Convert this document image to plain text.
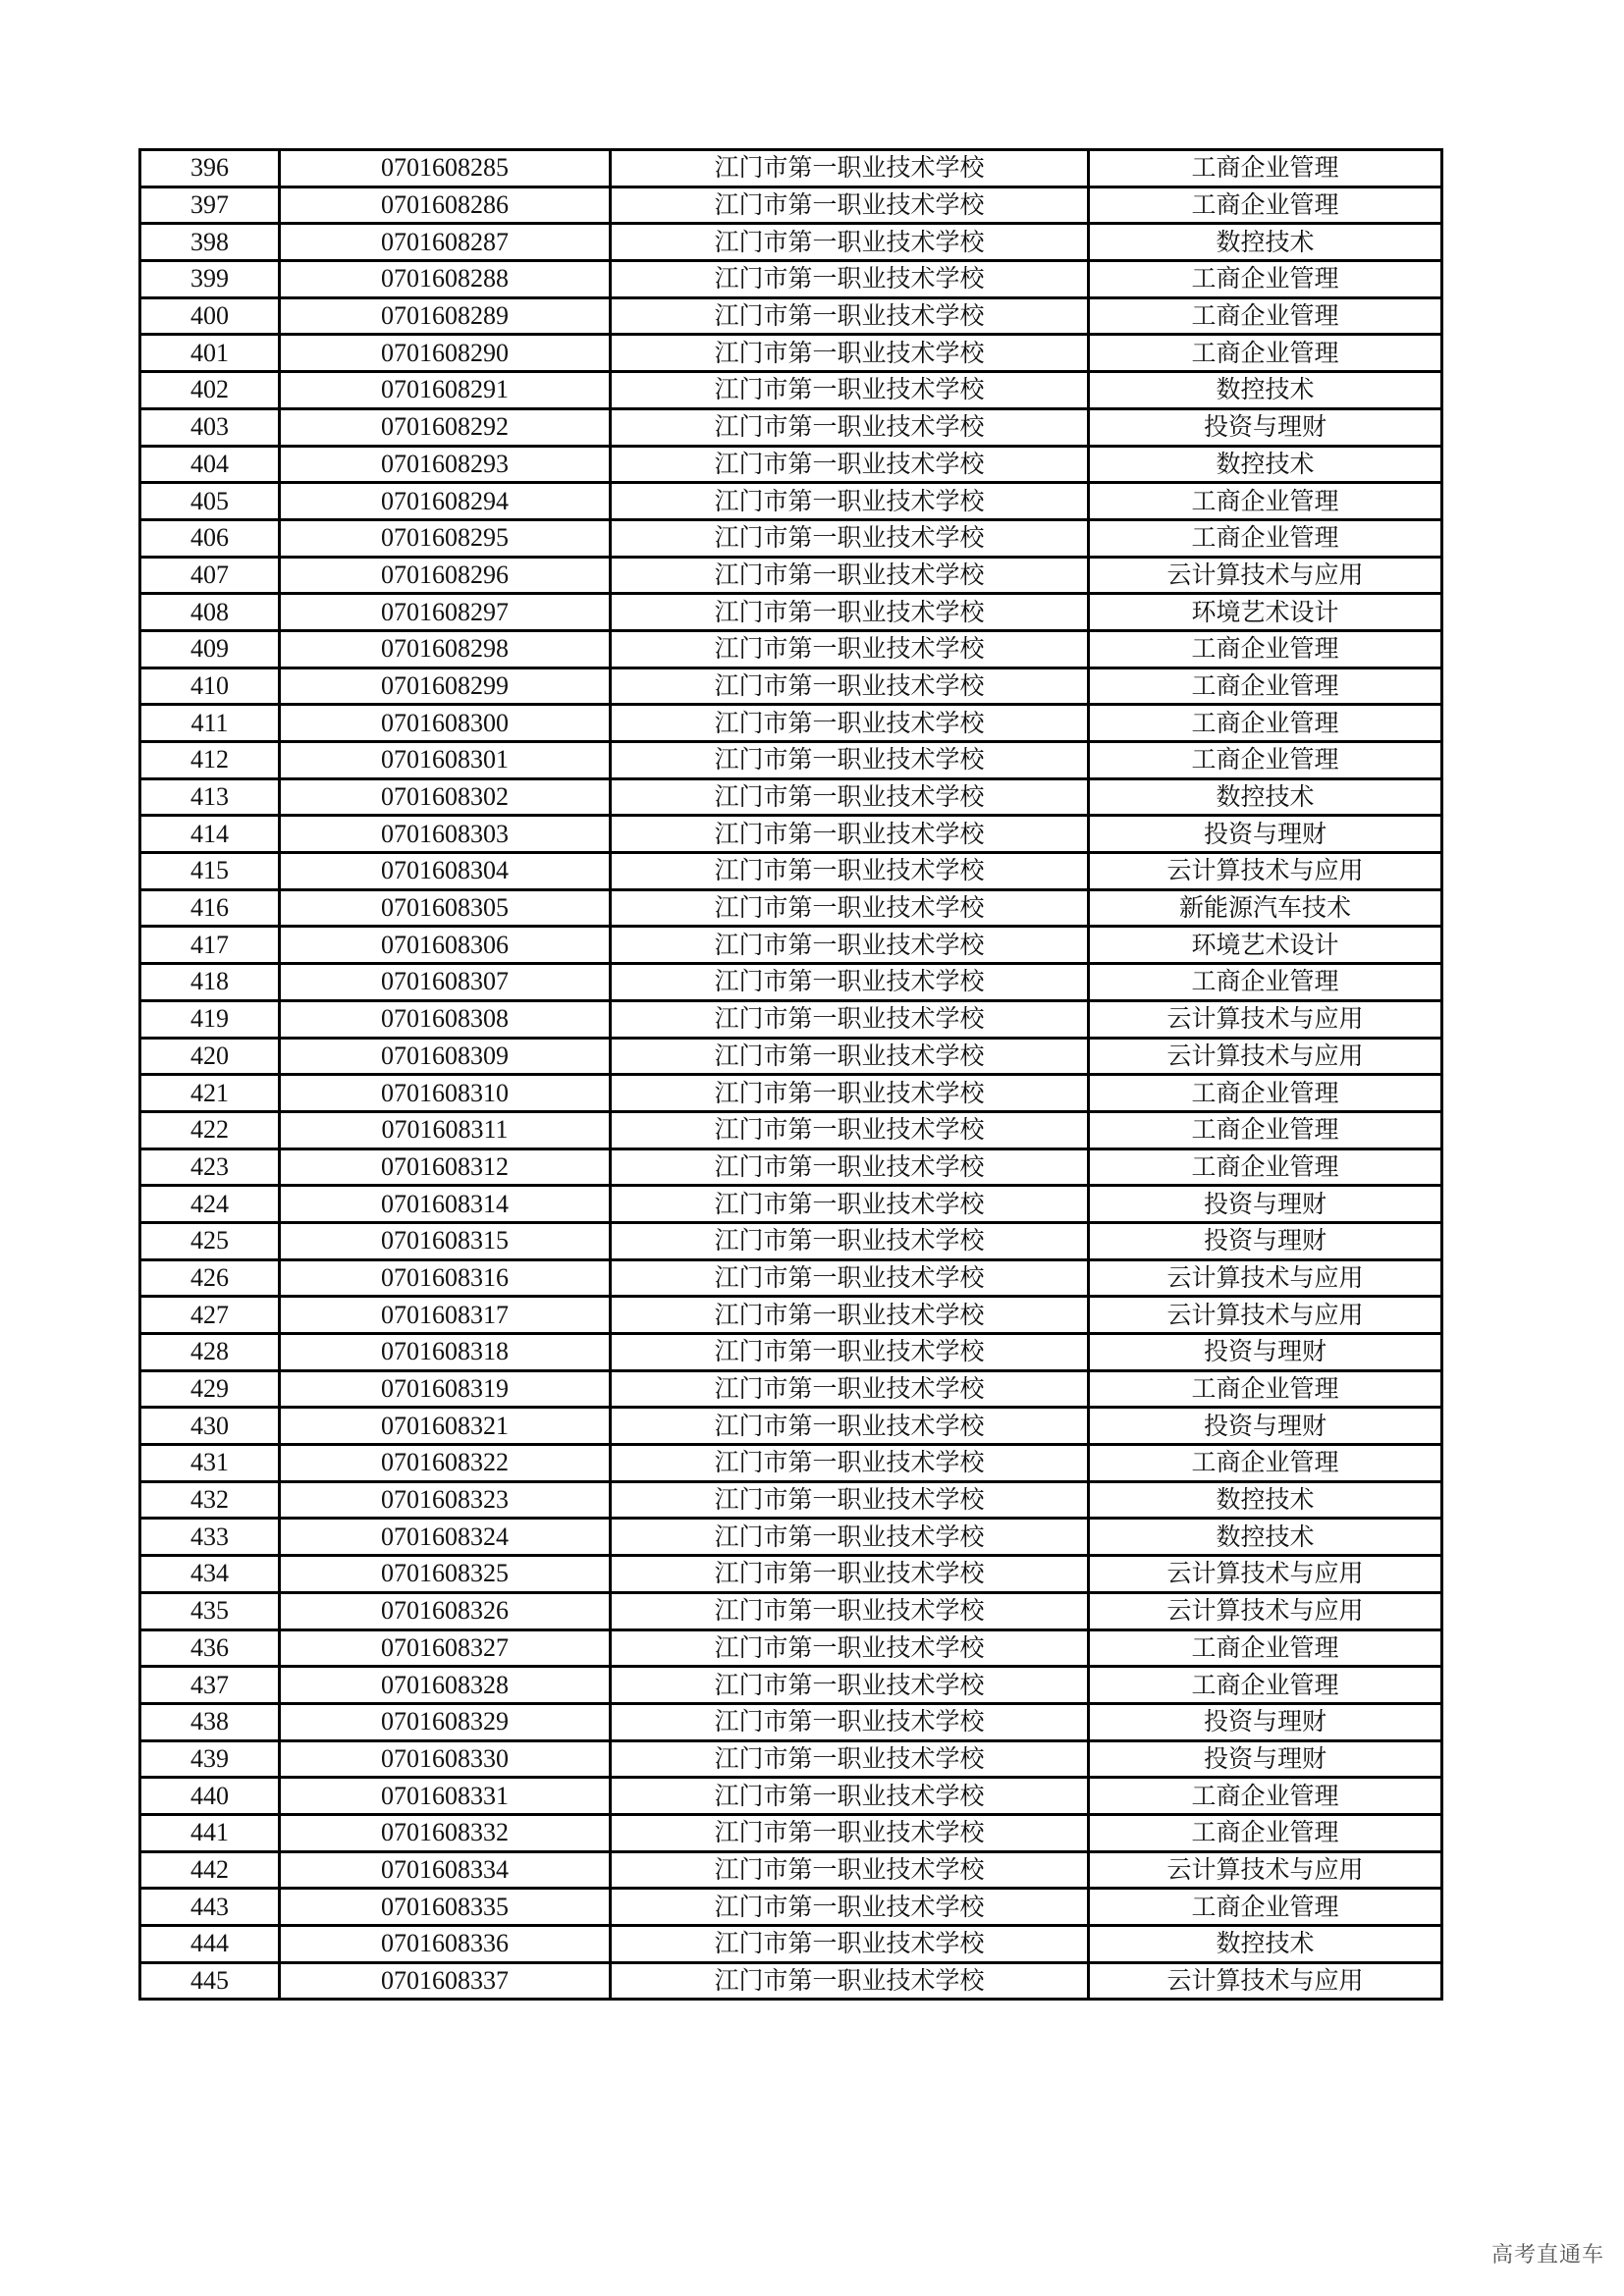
396	0701608285	江门市第一职业技术学校	工商企业管理
397	0701608286	江门市第一职业技术学校	工商企业管理
398	0701608287	江门市第一职业技术学校	数控技术
399	0701608288	江门市第一职业技术学校	工商企业管理
400	0701608289	江门市第一职业技术学校	工商企业管理
401	0701608290	江门市第一职业技术学校	工商企业管理
402	0701608291	江门市第一职业技术学校	数控技术
403	0701608292	江门市第一职业技术学校	投资与理财
404	0701608293	江门市第一职业技术学校	数控技术
405	0701608294	江门市第一职业技术学校	工商企业管理
406	0701608295	江门市第一职业技术学校	工商企业管理
407	0701608296	江门市第一职业技术学校	云计算技术与应用
408	0701608297	江门市第一职业技术学校	环境艺术设计
409	0701608298	江门市第一职业技术学校	工商企业管理
410	0701608299	江门市第一职业技术学校	工商企业管理
411	0701608300	江门市第一职业技术学校	工商企业管理
412	0701608301	江门市第一职业技术学校	工商企业管理
413	0701608302	江门市第一职业技术学校	数控技术
414	0701608303	江门市第一职业技术学校	投资与理财
415	0701608304	江门市第一职业技术学校	云计算技术与应用
416	0701608305	江门市第一职业技术学校	新能源汽车技术
417	0701608306	江门市第一职业技术学校	环境艺术设计
418	0701608307	江门市第一职业技术学校	工商企业管理
419	0701608308	江门市第一职业技术学校	云计算技术与应用
420	0701608309	江门市第一职业技术学校	云计算技术与应用
421	0701608310	江门市第一职业技术学校	工商企业管理
422	0701608311	江门市第一职业技术学校	工商企业管理
423	0701608312	江门市第一职业技术学校	工商企业管理
424	0701608314	江门市第一职业技术学校	投资与理财
425	0701608315	江门市第一职业技术学校	投资与理财
426	0701608316	江门市第一职业技术学校	云计算技术与应用
427	0701608317	江门市第一职业技术学校	云计算技术与应用
428	0701608318	江门市第一职业技术学校	投资与理财
429	0701608319	江门市第一职业技术学校	工商企业管理
430	0701608321	江门市第一职业技术学校	投资与理财
431	0701608322	江门市第一职业技术学校	工商企业管理
432	0701608323	江门市第一职业技术学校	数控技术
433	0701608324	江门市第一职业技术学校	数控技术
434	0701608325	江门市第一职业技术学校	云计算技术与应用
435	0701608326	江门市第一职业技术学校	云计算技术与应用
436	0701608327	江门市第一职业技术学校	工商企业管理
437	0701608328	江门市第一职业技术学校	工商企业管理
438	0701608329	江门市第一职业技术学校	投资与理财
439	0701608330	江门市第一职业技术学校	投资与理财
440	0701608331	江门市第一职业技术学校	工商企业管理
441	0701608332	江门市第一职业技术学校	工商企业管理
442	0701608334	江门市第一职业技术学校	云计算技术与应用
443	0701608335	江门市第一职业技术学校	工商企业管理
444	0701608336	江门市第一职业技术学校	数控技术
445	0701608337	江门市第一职业技术学校	云计算技术与应用
高考直通车
